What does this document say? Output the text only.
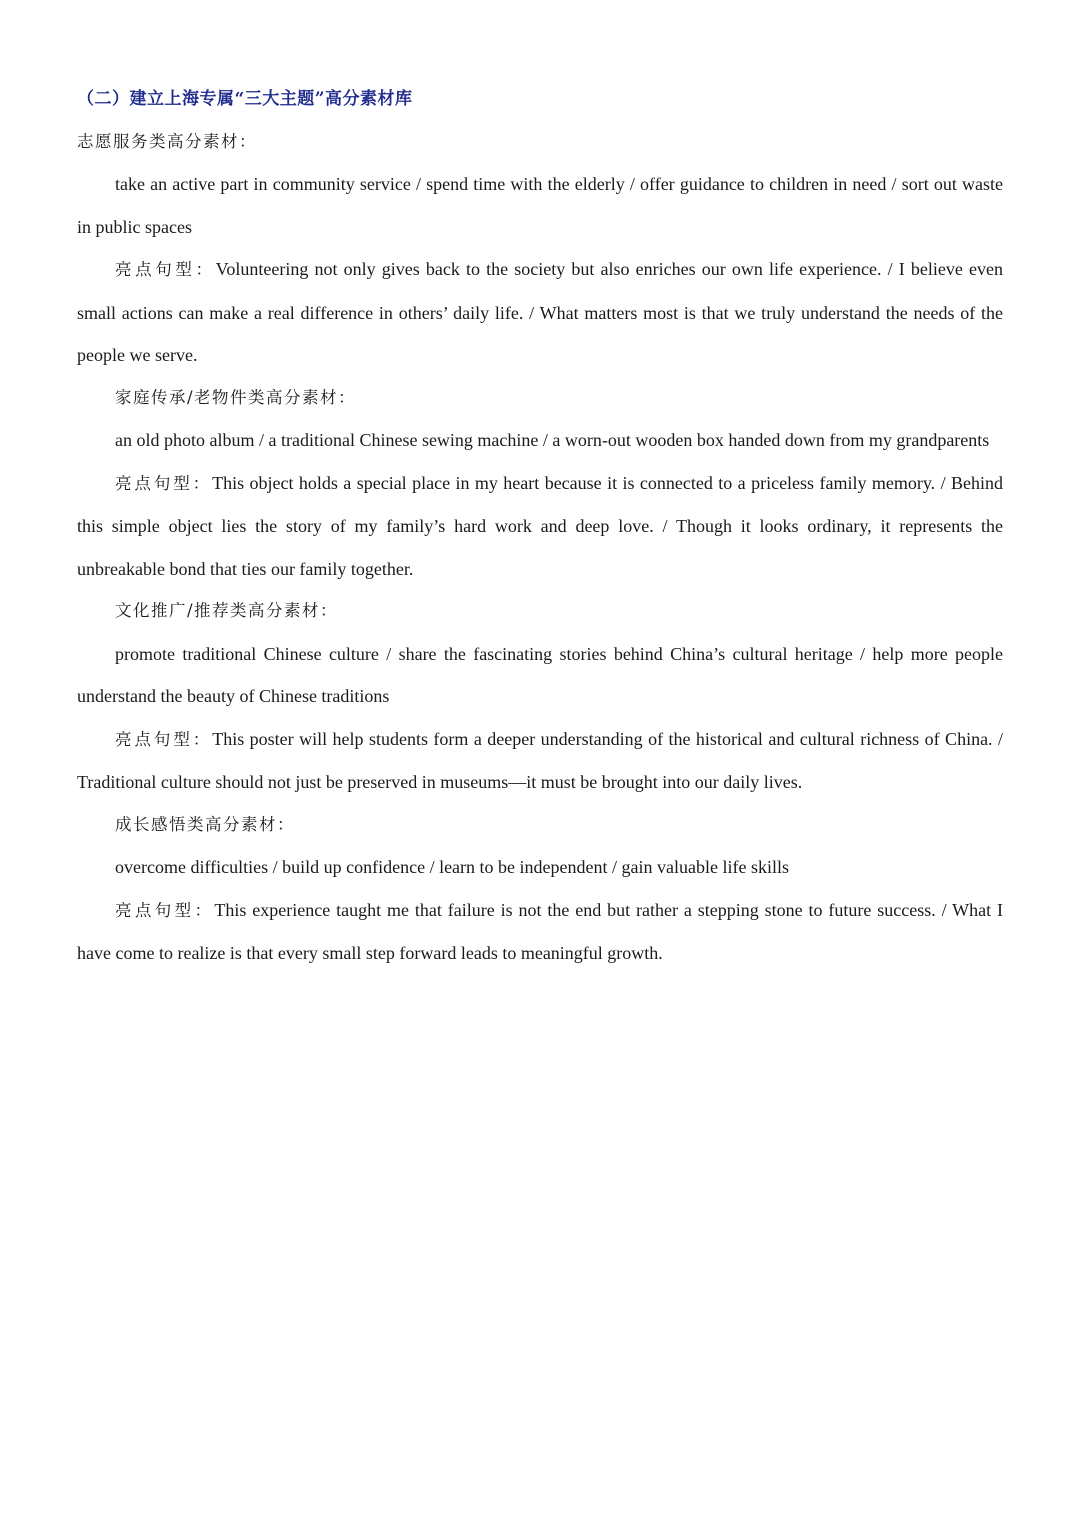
（二）建立上海专属“三大主题”高分素材库

志愿服务类高分素材：

take an active part in community service / spend time with the elderly / offer guidance to children in need / sort out waste in public spaces

亮点句型：Volunteering not only gives back to the society but also enriches our own life experience. / I believe even small actions can make a real difference in others’ daily life. / What matters most is that we truly understand the needs of the people we serve.

家庭传承/老物件类高分素材：

an old photo album / a traditional Chinese sewing machine / a worn-out wooden box handed down from my grandparents

亮点句型：This object holds a special place in my heart because it is connected to a priceless family memory. / Behind this simple object lies the story of my family’s hard work and deep love. / Though it looks ordinary, it represents the unbreakable bond that ties our family together.

文化推广/推荐类高分素材：

promote traditional Chinese culture / share the fascinating stories behind China’s cultural heritage / help more people understand the beauty of Chinese traditions

亮点句型：This poster will help students form a deeper understanding of the historical and cultural richness of China. / Traditional culture should not just be preserved in museums—it must be brought into our daily lives.

成长感悟类高分素材：

overcome difficulties / build up confidence / learn to be independent / gain valuable life skills

亮点句型：This experience taught me that failure is not the end but rather a stepping stone to future success. / What I have come to realize is that every small step forward leads to meaningful growth.
